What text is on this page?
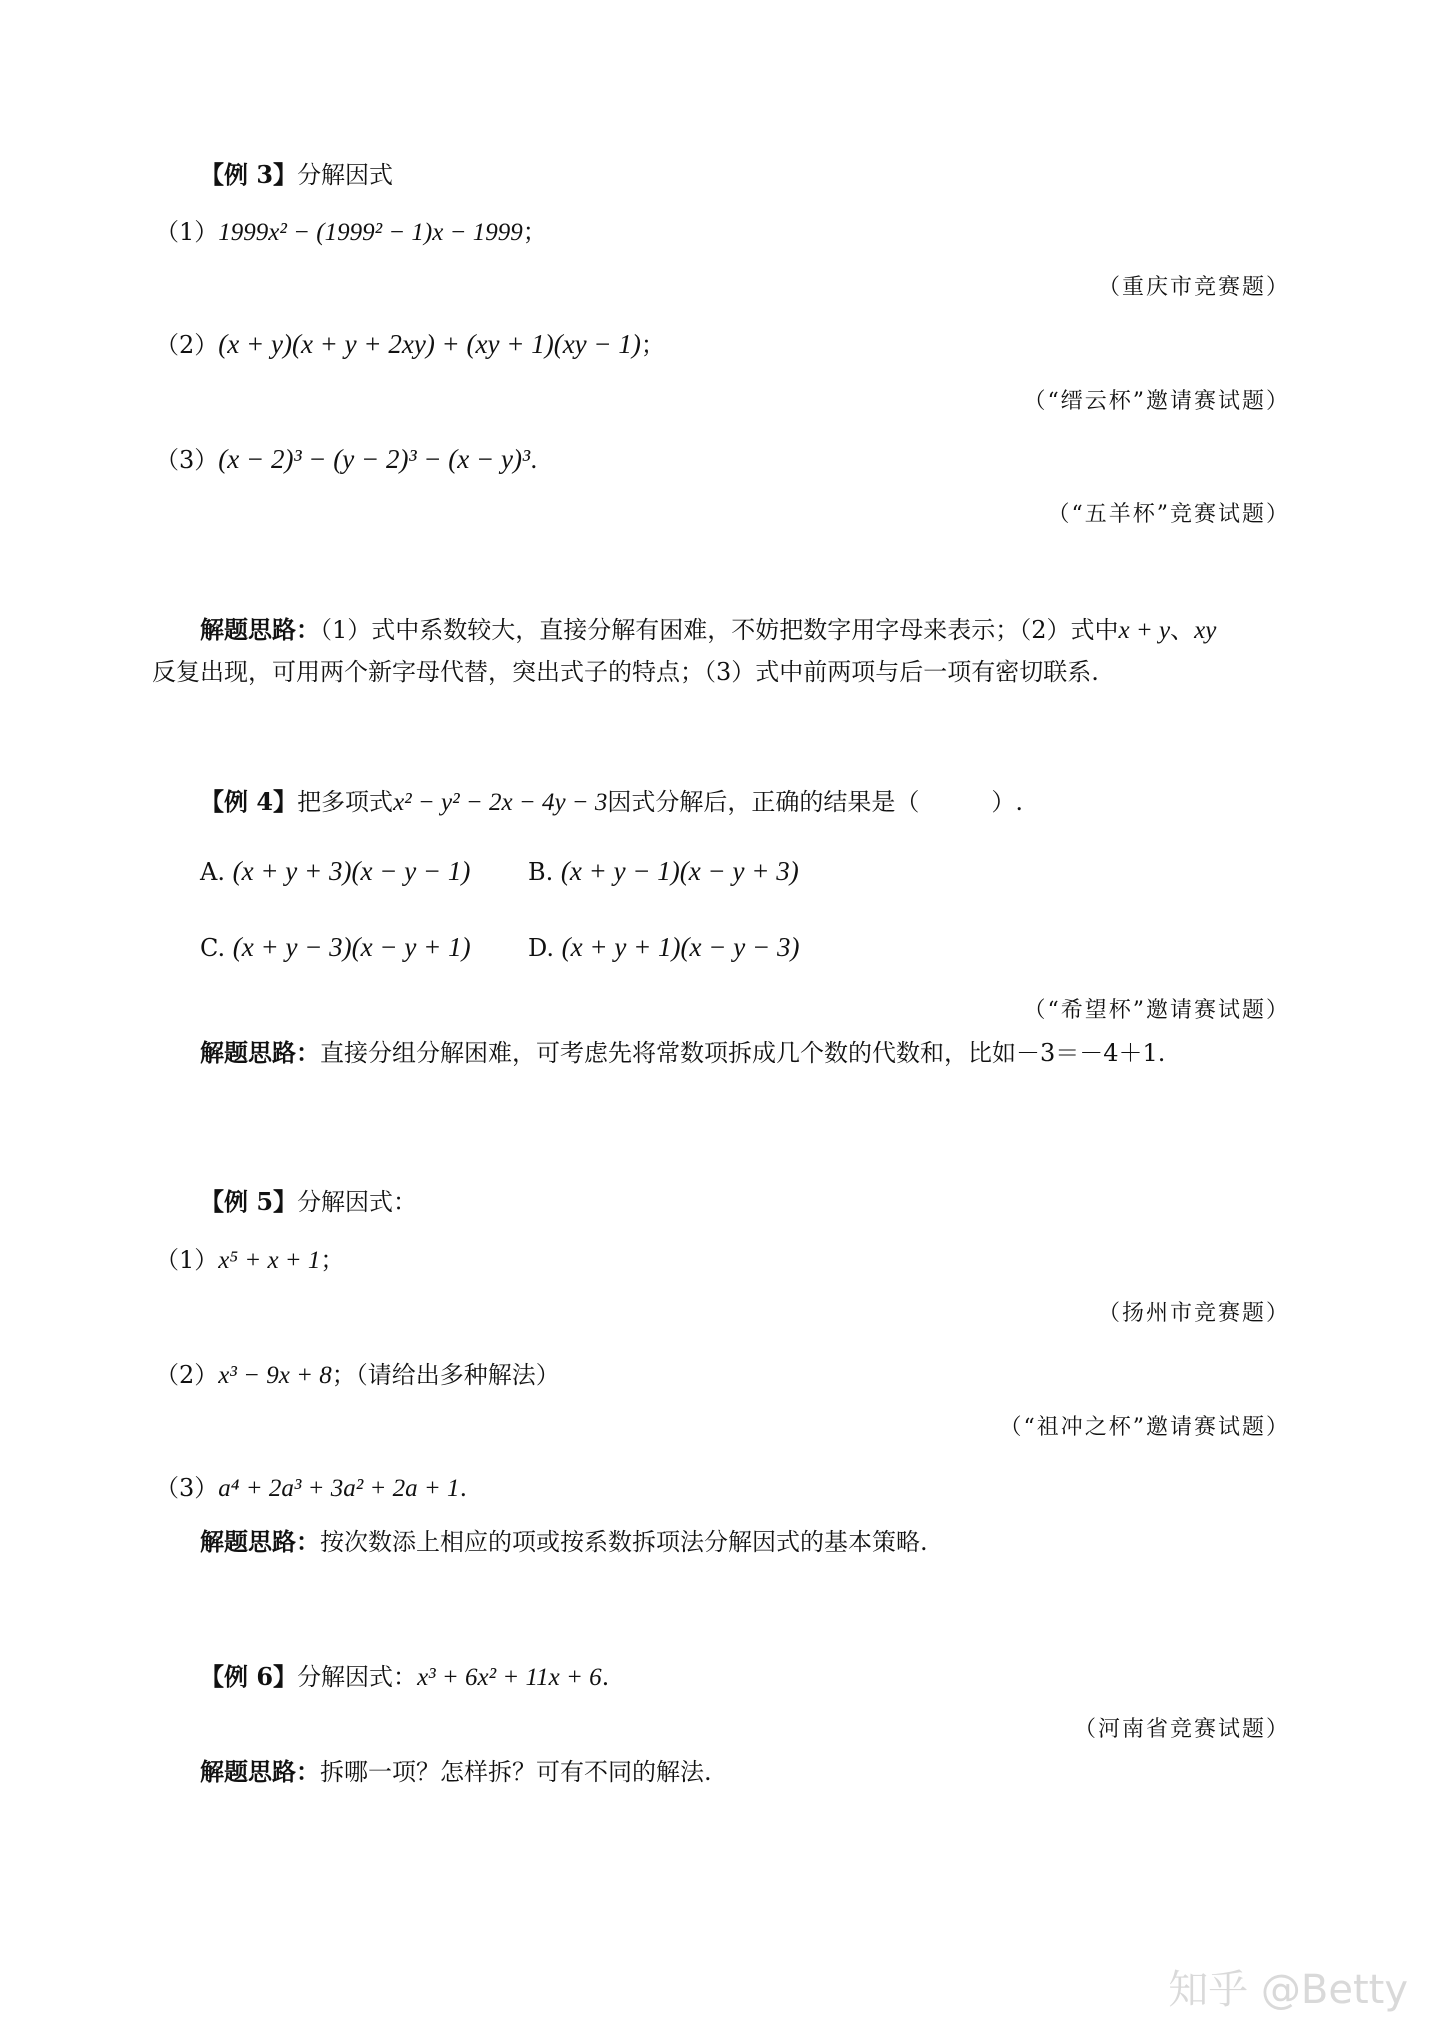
【例 3】分解因式
（1）1999x² − (1999² − 1)x − 1999；
（重庆市竞赛题）
（2）(x + y)(x + y + 2xy) + (xy + 1)(xy − 1)；
（“缙云杯”邀请赛试题）
（3）(x − 2)³ − (y − 2)³ − (x − y)³.
（“五羊杯”竞赛试题）
解题思路：（1）式中系数较大，直接分解有困难，不妨把数字用字母来表示；（2）式中x + y、xy
反复出现，可用两个新字母代替，突出式子的特点；（3）式中前两项与后一项有密切联系.
【例 4】把多项式x² − y² − 2x − 4y − 3因式分解后，正确的结果是（　　　）.
A. (x + y + 3)(x − y − 1) B. (x + y − 1)(x − y + 3)
C. (x + y − 3)(x − y + 1) D. (x + y + 1)(x − y − 3)
（“希望杯”邀请赛试题）
解题思路：直接分组分解困难，可考虑先将常数项拆成几个数的代数和，比如－3＝－4＋1.
【例 5】分解因式：
（1）x⁵ + x + 1；
（扬州市竞赛题）
（2）x³ − 9x + 8；（请给出多种解法）
（“祖冲之杯”邀请赛试题）
（3）a⁴ + 2a³ + 3a² + 2a + 1.
解题思路：按次数添上相应的项或按系数拆项法分解因式的基本策略.
【例 6】分解因式：x³ + 6x² + 11x + 6.
（河南省竞赛试题）
解题思路：拆哪一项？怎样拆？可有不同的解法.
知乎 @Betty
